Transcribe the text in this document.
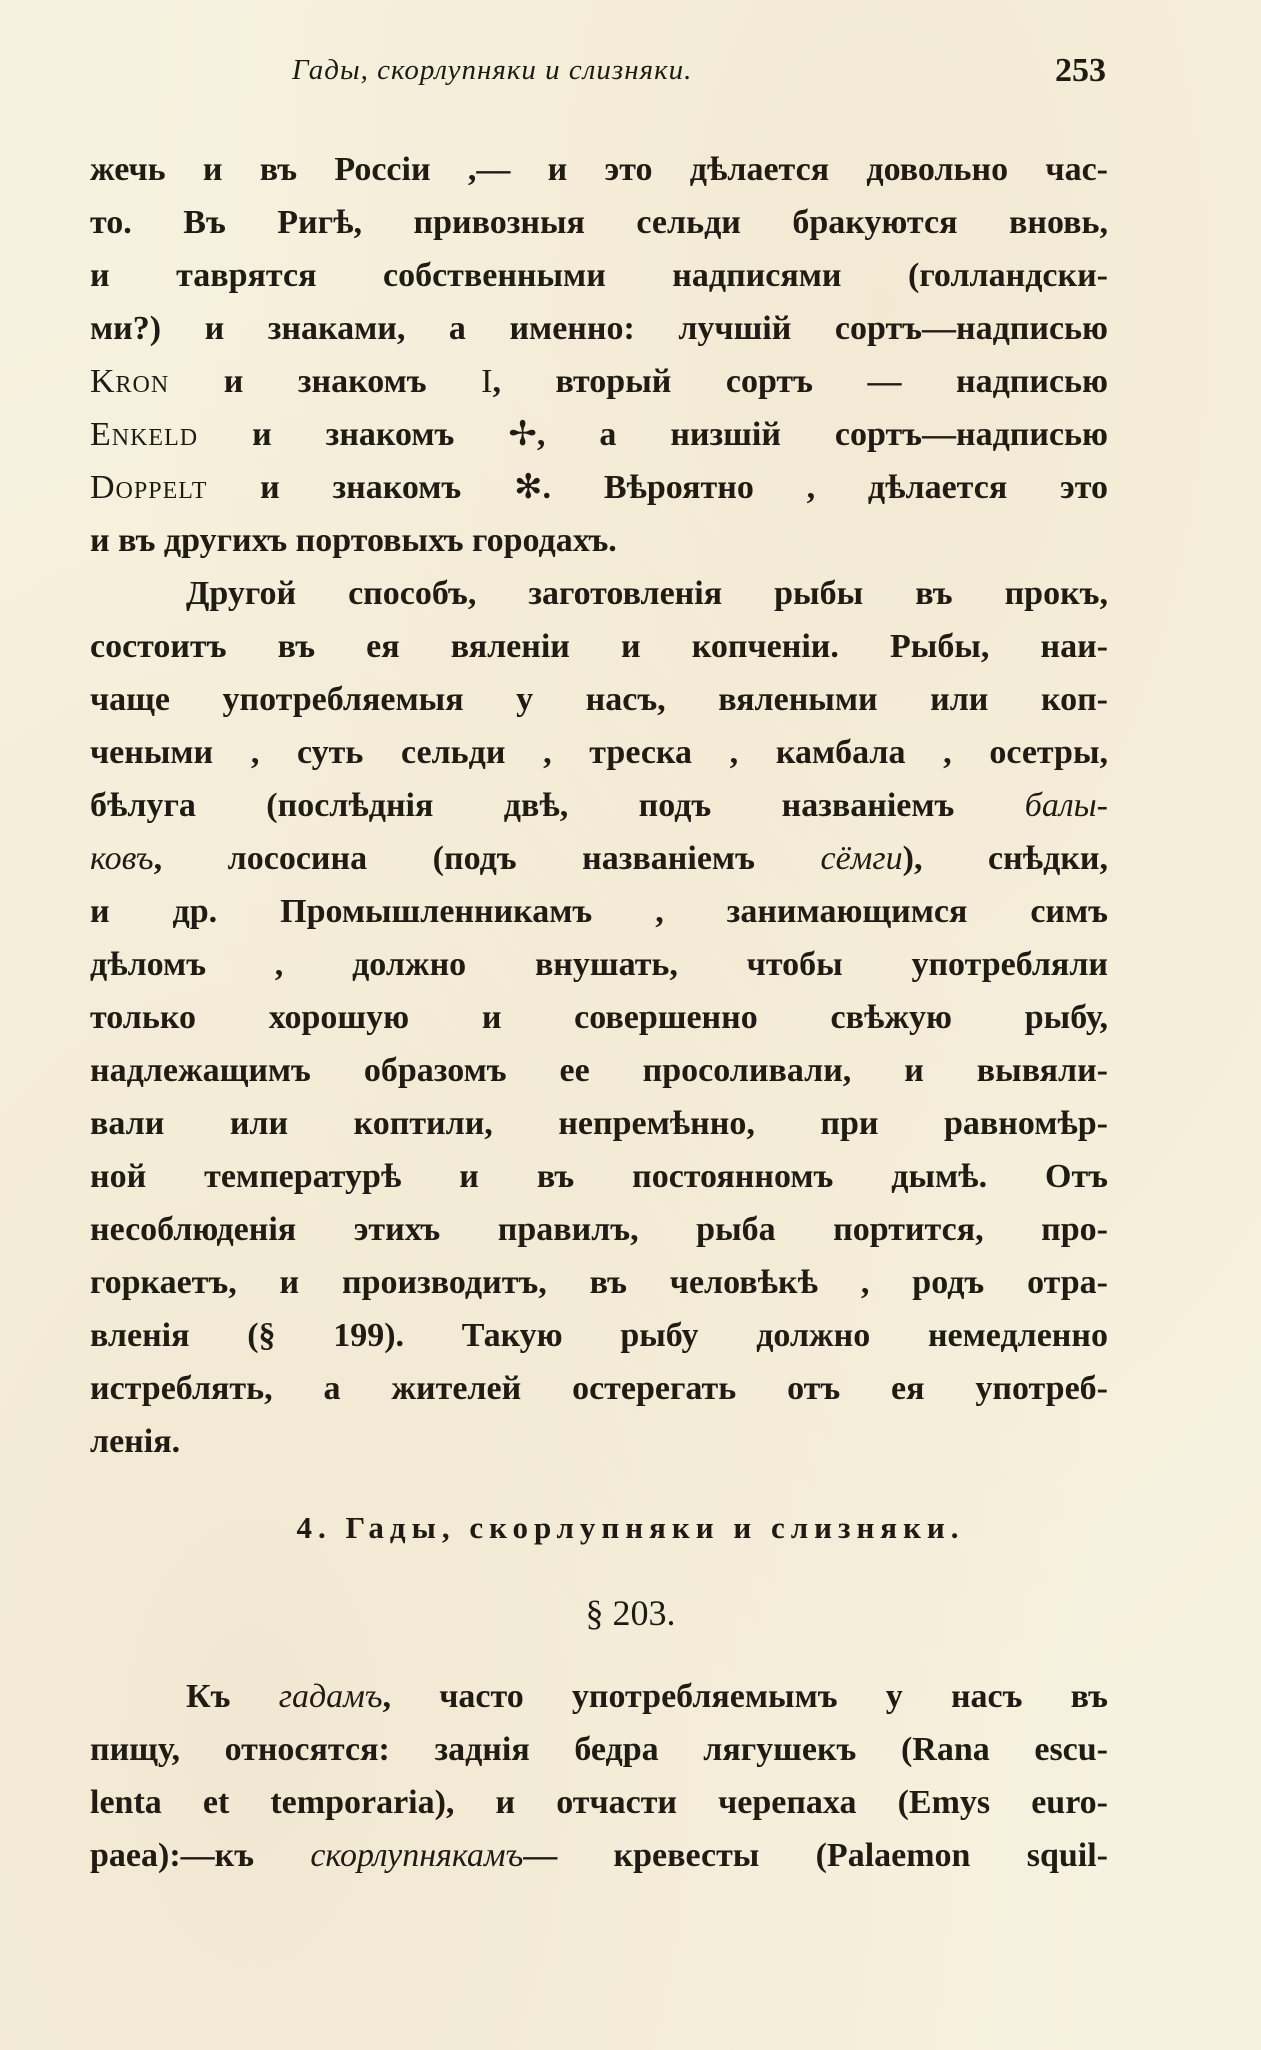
Гады, скорлупняки и слизняки.	253
жечь и въ Россiи ,— и это дѣлается довольно час-
то. Въ Ригѣ, привозныя сельди бракуются вновь,
и таврятся собственными надписями (голландски-
ми?) и знаками, а именно: лучшiй сортъ—надписью
Kron и знакомъ I, вторый сортъ — надписью
Enkeld и знакомъ ✢, а низшiй сортъ—надписью
Doppelt и знакомъ ✻. Вѣроятно , дѣлается это
и въ другихъ портовыхъ городахъ.
Другой способъ, заготовленiя рыбы въ прокъ,
состоитъ въ ея вяленiи и копченiи. Рыбы, наи-
чаще употребляемыя у насъ, вялеными или коп-
чеными , суть сельди , треска , камбала , осетры,
бѣлуга (послѣднiя двѣ, подъ названiемъ балы-
ковъ, лососина (подъ названiемъ сёмги), снѣдки,
и др. Промышленникамъ , занимающимся симъ
дѣломъ , должно внушать, чтобы употребляли
только хорошую и совершенно свѣжую рыбу,
надлежащимъ образомъ ее просоливали, и вывяли-
вали или коптили, непремѣнно, при равномѣр-
ной температурѣ и въ постоянномъ дымѣ. Отъ
несоблюденiя этихъ правилъ, рыба портится, про-
горкаетъ, и производитъ, въ человѣкѣ , родъ отра-
вленiя (§ 199). Такую рыбу должно немедленно
истреблять, а жителей остерегать отъ ея употреб-
ленiя.
4. Гады, скорлупняки и слизняки.
§ 203.
Къ гадамъ, часто употребляемымъ у насъ въ
пищу, относятся: заднiя бедра лягушекъ (Rana escu-
lenta et temporaria), и отчасти черепаха (Emys euro-
paea):—къ скорлупнякамъ— кревесты (Palaemon squil-
